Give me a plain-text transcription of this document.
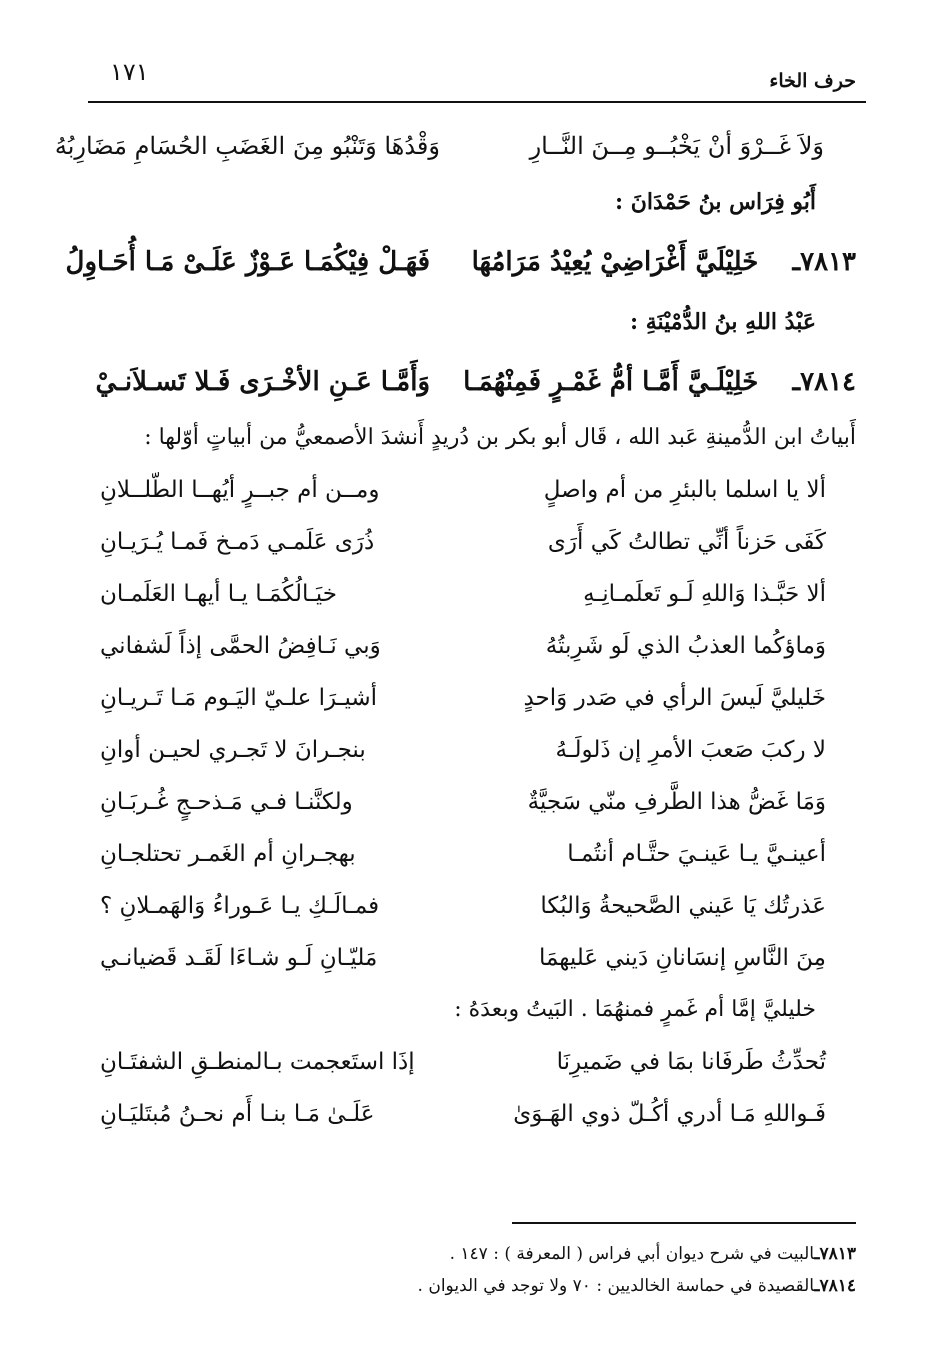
حرف الخاء
١٧١
وَلاَ غَــرْوَ أنْ يَخْبُــو مِــنَ النَّــارِ
وَقْدُهَا وَتَنْبُو مِنَ الغَضَبِ الحُسَامِ مَضَارِبُهُ
أَبُو فِرَاس بنُ حَمْدَانَ :
٧٨١٣ـ
خَلِيْلَيَّ أَغْرَاضِيْ يُعِيْدُ مَرَامُهَا
فَهَـلْ فِيْكُمَـا عَـوْزٌ عَلَـىْ مَـا أُحَـاوِلُ
عَبْدُ اللهِ بنُ الدُّمْيْنَةِ :
٧٨١٤ـ
خَلِيْلَـيَّ أَمَّـا أمُّ غَمْـرٍ فَمِنْهُمَـا
وَأَمَّـا عَـنِ الأخْـرَى فَـلا تَسـلاَنـيْ
أَبياتُ ابن الدُّمينةِ عَبد الله ، قَال أبو بكر بن دُريدٍ أَنشدَ الأصمعيُّ من أبياتٍ أوّلها :
ألا يا اسلما بالبئرِ من أم واصلٍ
ومــن أم جبــرٍ أيُهــا الطّلــلانِ
كَفَى حَزناً أنِّي تطالتُ كَي أَرَى
ذُرَى عَلَمـي دَمـخ فَمـا يُـرَيـانِ
ألا حَبَّـذا وَاللهِ لَـو تَعلَمـانِـهِ
خيَـالُكُمَـا يـا أيهـا العَلَمـان
وَماؤكُما العذبُ الذي لَو شَرِبتُهُ
وَبي نَـافِضُ الحمَّى إذاً لَشفاني
خَليليَّ لَيسَ الرأي في صَدر وَاحدٍ
أشيـرَا علـيّ اليَـوم مَـا تَـريـانِ
لا ركبَ صَعبَ الأمرِ إن ذَلولَـهُ
بنجـرانَ لا تَجـري لحيـن أوانِ
وَمَا غَضُّ هذا الطَّرفِ منّي سَجيَّةٌ
ولكنَّنـا فـي مَـذحـجٍ غُـربَـانِ
أعينـيَّ يـا عَينـيَ حتَّـام أنتُمـا
بهجـرانِ أم الغَمـر تحتلجـانِ
عَذرتُك يَا عَيني الصَّحيحةُ وَالبُكا
فمـالَـكِ يـا عَـوراءُ وَالهَمـلانِ ؟
مِنَ النَّاسِ إنسَانانِ دَيني عَليهمَا
مَليّـانِ لَـو شـاءَا لَقَـد قَضيانـي
خليليَّ إمَّا أم غَمرٍ فمنهُمَا . البَيتُ وبعدَهُ :
تُحدِّثُ طَرفَانا بمَا في ضَميرِنَا
إذَا استَعجمت بـالمنطـقِ الشفتَـانِ
فَـواللهِ مَـا أدري أكُـلّ ذوي الهَـوَىٰ
عَلَـىٰ مَـا بنـا أَم نحـنُ مُبتَليَـانِ
٧٨١٣ـالبيت في شرح ديوان أبي فراس ( المعرفة ) : ١٤٧ .
٧٨١٤ـالقصيدة في حماسة الخالديين : ٧٠ ولا توجد في الديوان .
